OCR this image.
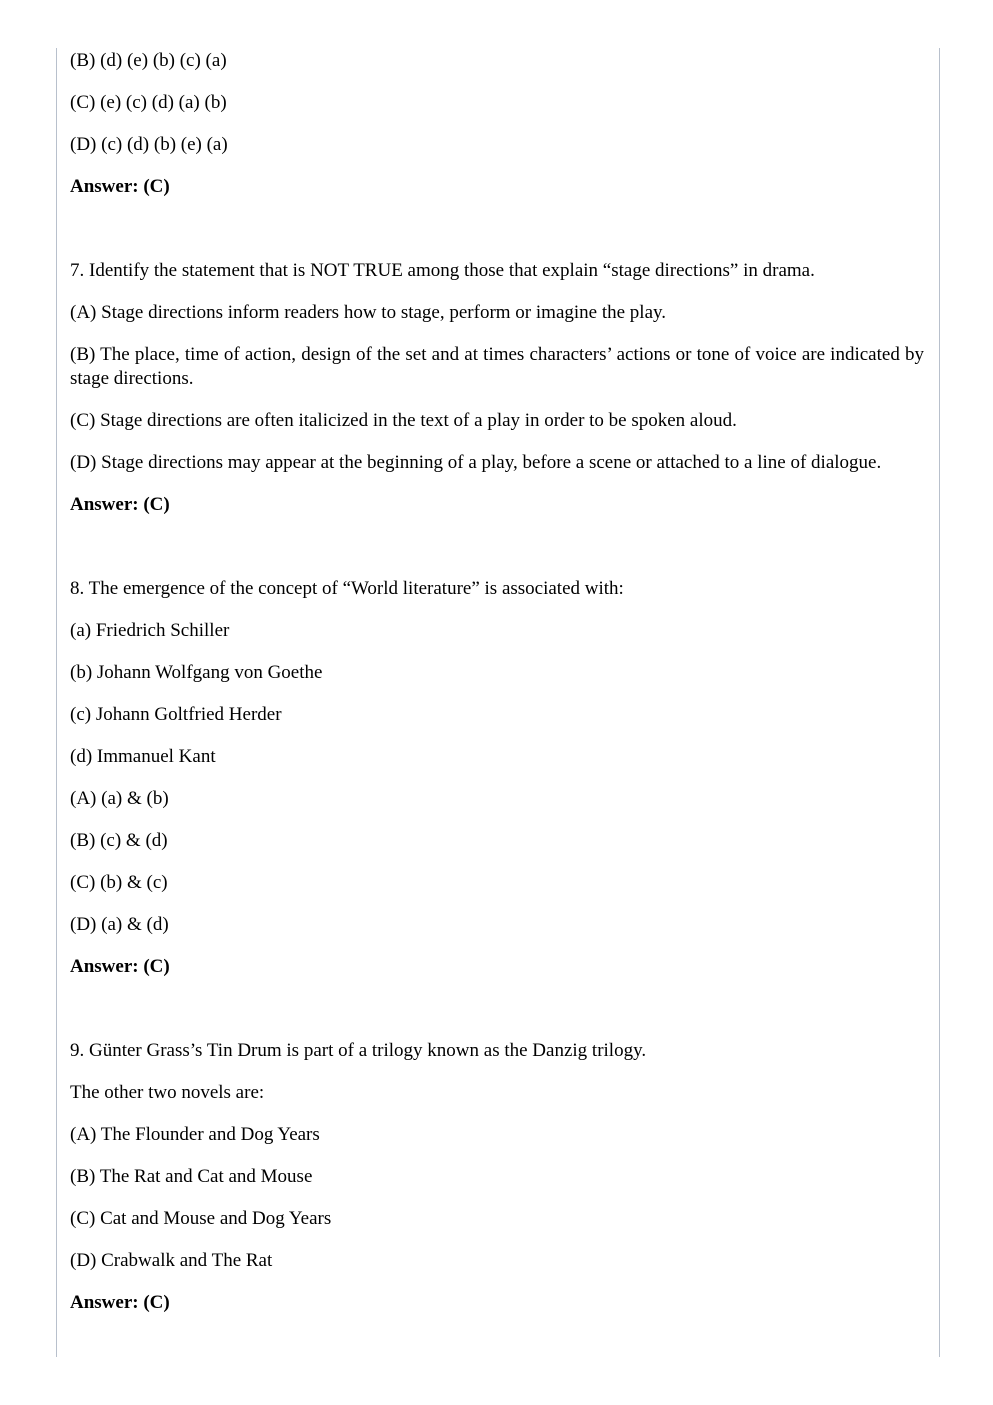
(B) (d) (e) (b) (c) (a)

(C) (e) (c) (d) (a) (b)

(D) (c) (d) (b) (e) (a)

Answer: (C)

7. Identify the statement that is NOT TRUE among those that explain “stage directions” in drama.

(A) Stage directions inform readers how to stage, perform or imagine the play.

(B) The place, time of action, design of the set and at times characters’ actions or tone of voice are indicated by stage directions.

(C) Stage directions are often italicized in the text of a play in order to be spoken aloud.

(D) Stage directions may appear at the beginning of a play, before a scene or attached to a line of dialogue.

Answer: (C)

8. The emergence of the concept of “World literature” is associated with:

(a) Friedrich Schiller

(b) Johann Wolfgang von Goethe

(c) Johann Goltfried Herder

(d) Immanuel Kant

(A) (a) & (b)

(B) (c) & (d)

(C) (b) & (c)

(D) (a) & (d)

Answer: (C)

9. Günter Grass’s Tin Drum is part of a trilogy known as the Danzig trilogy.

The other two novels are:

(A) The Flounder and Dog Years

(B) The Rat and Cat and Mouse

(C) Cat and Mouse and Dog Years

(D) Crabwalk and The Rat

Answer: (C)
